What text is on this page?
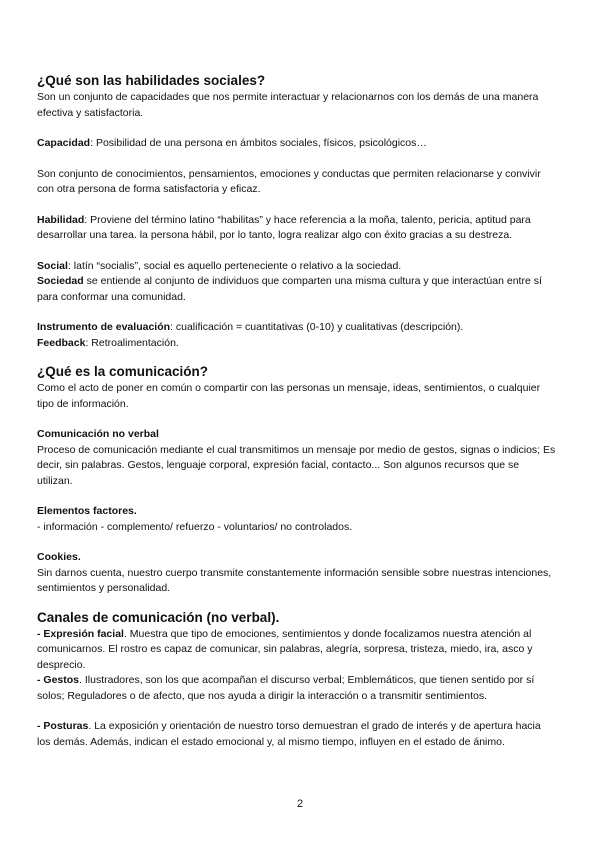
¿Qué son las habilidades sociales?

Son un conjunto de capacidades que nos permite interactuar y relacionarnos con los demás de una manera efectiva y satisfactoria.

Capacidad: Posibilidad de una persona en ámbitos sociales, físicos, psicológicos…

Son conjunto de conocimientos, pensamientos, emociones y conductas que permiten relacionarse y convivir con otra persona de forma satisfactoria y eficaz.

Habilidad: Proviene del término latino “habilitas” y hace referencia a la moña, talento, pericia, aptitud para desarrollar una tarea. la persona hábil, por lo tanto, logra realizar algo con éxito gracias a su destreza.

Social: latín “socialis”, social es aquello perteneciente o relativo a la sociedad.

Sociedad se entiende al conjunto de individuos que comparten una misma cultura y que interactúan entre sí para conformar una comunidad.

Instrumento de evaluación: cualificación = cuantitativas (0-10) y cualitativas (descripción).

Feedback: Retroalimentación.

¿Qué es la comunicación?

Como el acto de poner en común o compartir con las personas un mensaje, ideas, sentimientos, o cualquier tipo de información.

Comunicación no verbal

Proceso de comunicación mediante el cual transmitimos un mensaje por medio de gestos, signas o indicios; Es decir, sin palabras. Gestos, lenguaje corporal, expresión facial, contacto... Son algunos recursos que se utilizan.

Elementos factores.

- información - complemento/ refuerzo - voluntarios/ no controlados.

Cookies.

Sin darnos cuenta, nuestro cuerpo transmite constantemente información sensible sobre nuestras intenciones, sentimientos y personalidad.

Canales de comunicación (no verbal).

- Expresión facial. Muestra que tipo de emociones, sentimientos y donde focalizamos nuestra atención al comunicarnos. El rostro es capaz de comunicar, sin palabras, alegría, sorpresa, tristeza, miedo, ira, asco y desprecio.

- Gestos. Ilustradores, son los que acompañan el discurso verbal; Emblemáticos, que tienen sentido por sí solos; Reguladores o de afecto, que nos ayuda a dirigir la interacción o a transmitir sentimientos.

- Posturas. La exposición y orientación de nuestro torso demuestran el grado de interés y de apertura hacia los demás. Además, indican el estado emocional y, al mismo tiempo, influyen en el estado de ánimo.

2
